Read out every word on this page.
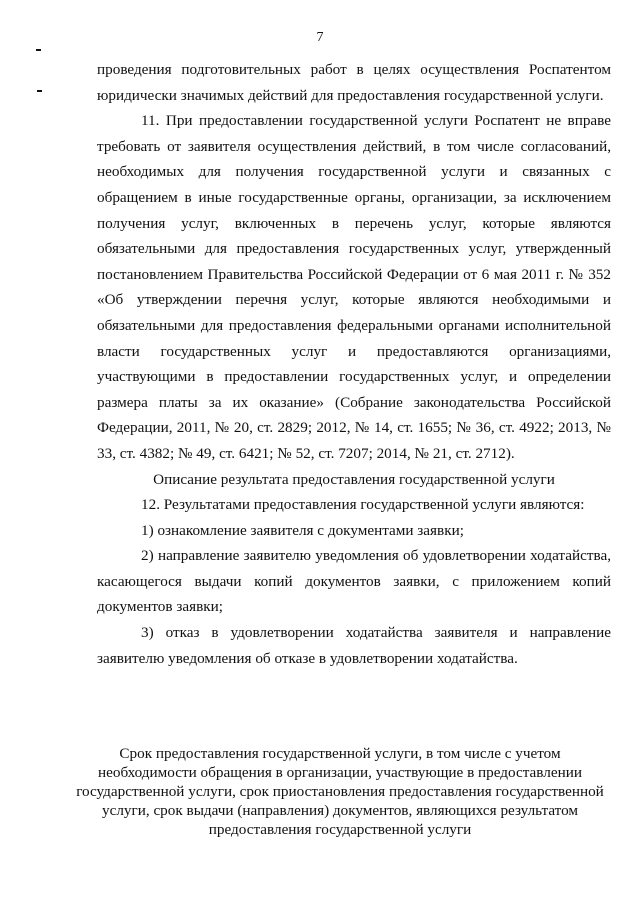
7

проведения подготовительных работ в целях осуществления Роспатентом юридически значимых действий для предоставления государственной услуги.

11. При предоставлении государственной услуги Роспатент не вправе требовать от заявителя осуществления действий, в том числе согласований, необходимых для получения государственной услуги и связанных с обращением в иные государственные органы, организации, за исключением получения услуг, включенных в перечень услуг, которые являются обязательными для предоставления государственных услуг, утвержденный постановлением Правительства Российской Федерации от 6 мая 2011 г. № 352 «Об утверждении перечня услуг, которые являются необходимыми и обязательными для предоставления федеральными органами исполнительной власти государственных услуг и предоставляются организациями, участвующими в предоставлении государственных услуг, и определении размера платы за их оказание» (Собрание законодательства Российской Федерации, 2011, № 20, ст. 2829; 2012, № 14, ст. 1655; № 36, ст. 4922; 2013, № 33, ст. 4382; № 49, ст. 6421; № 52, ст. 7207; 2014, № 21, ст. 2712).

Описание результата предоставления государственной услуги

12. Результатами предоставления государственной услуги являются:

1) ознакомление заявителя с документами заявки;

2) направление заявителю уведомления об удовлетворении ходатайства, касающегося выдачи копий документов заявки, с приложением копий документов заявки;

3) отказ в удовлетворении ходатайства заявителя и направление заявителю уведомления об отказе в удовлетворении ходатайства.

Срок предоставления государственной услуги, в том числе с учетом необходимости обращения в организации, участвующие в предоставлении государственной услуги, срок приостановления предоставления государственной услуги, срок выдачи (направления) документов, являющихся результатом предоставления государственной услуги
